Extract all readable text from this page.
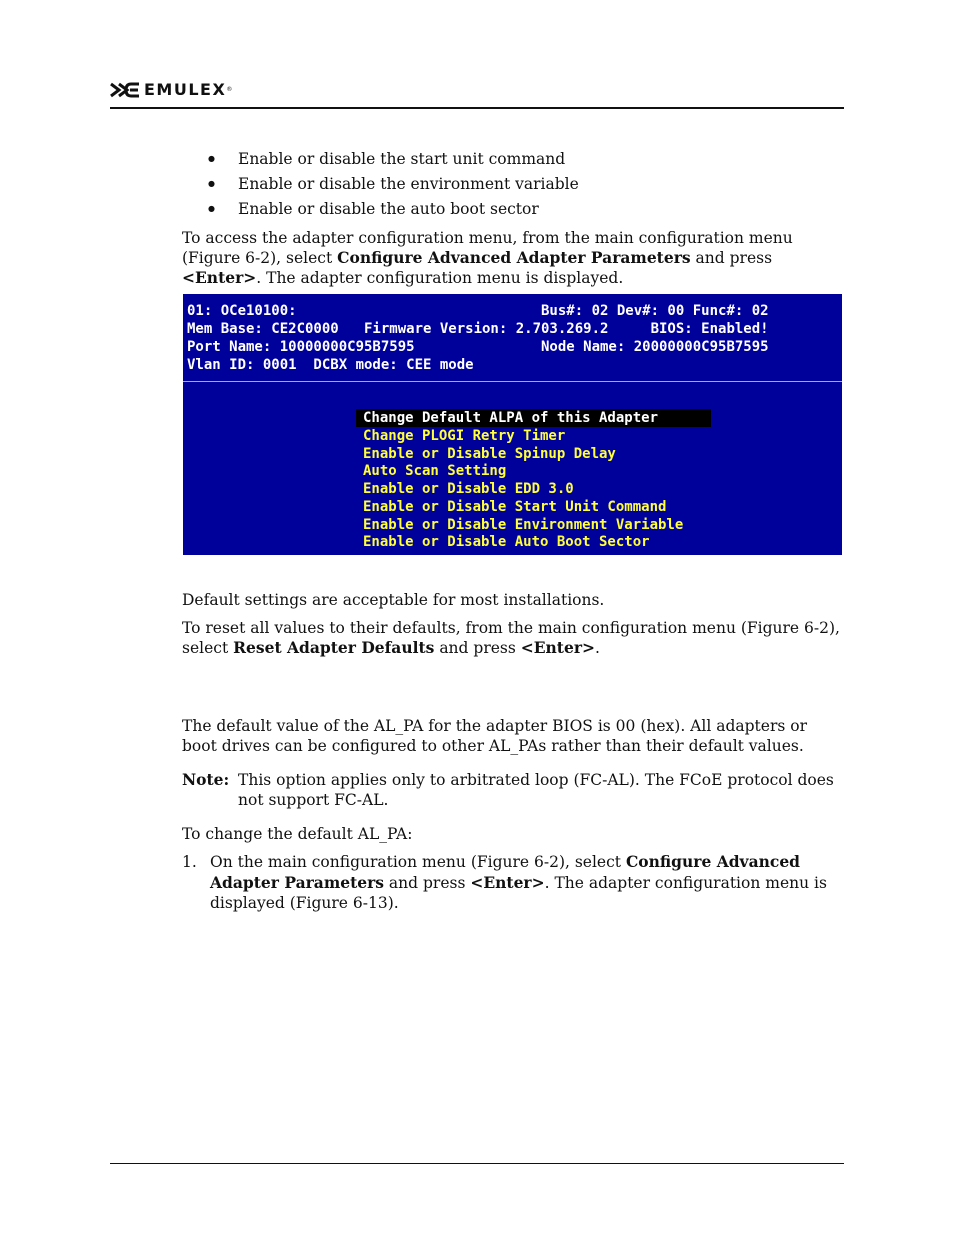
EMULEX ®
● Enable or disable the start unit command
● Enable or disable the environment variable
● Enable or disable the auto boot sector
To access the adapter configuration menu, from the main configuration menu (Figure 6-2), select Configure Advanced Adapter Parameters and press <Enter>. The adapter configuration menu is displayed.
01: OCe10100:                             Bus#: 02 Dev#: 00 Func#: 02
Mem Base: CE2C0000   Firmware Version: 2.703.269.2     BIOS: Enabled!
Port Name: 10000000C95B7595               Node Name: 20000000C95B7595
Vlan ID: 0001  DCBX mode: CEE mode
Change Default ALPA of this Adapter
Change PLOGI Retry Timer
Enable or Disable Spinup Delay
Auto Scan Setting
Enable or Disable EDD 3.0
Enable or Disable Start Unit Command
Enable or Disable Environment Variable
Enable or Disable Auto Boot Sector
Default settings are acceptable for most installations.
To reset all values to their defaults, from the main configuration menu (Figure 6-2), select Reset Adapter Defaults and press <Enter>.
The default value of the AL_PA for the adapter BIOS is 00 (hex). All adapters or boot drives can be configured to other AL_PAs rather than their default values.
Note: This option applies only to arbitrated loop (FC-AL). The FCoE protocol does not support FC-AL.
To change the default AL_PA:
1. On the main configuration menu (Figure 6-2), select Configure Advanced Adapter Parameters and press <Enter>. The adapter configuration menu is displayed (Figure 6-13).
